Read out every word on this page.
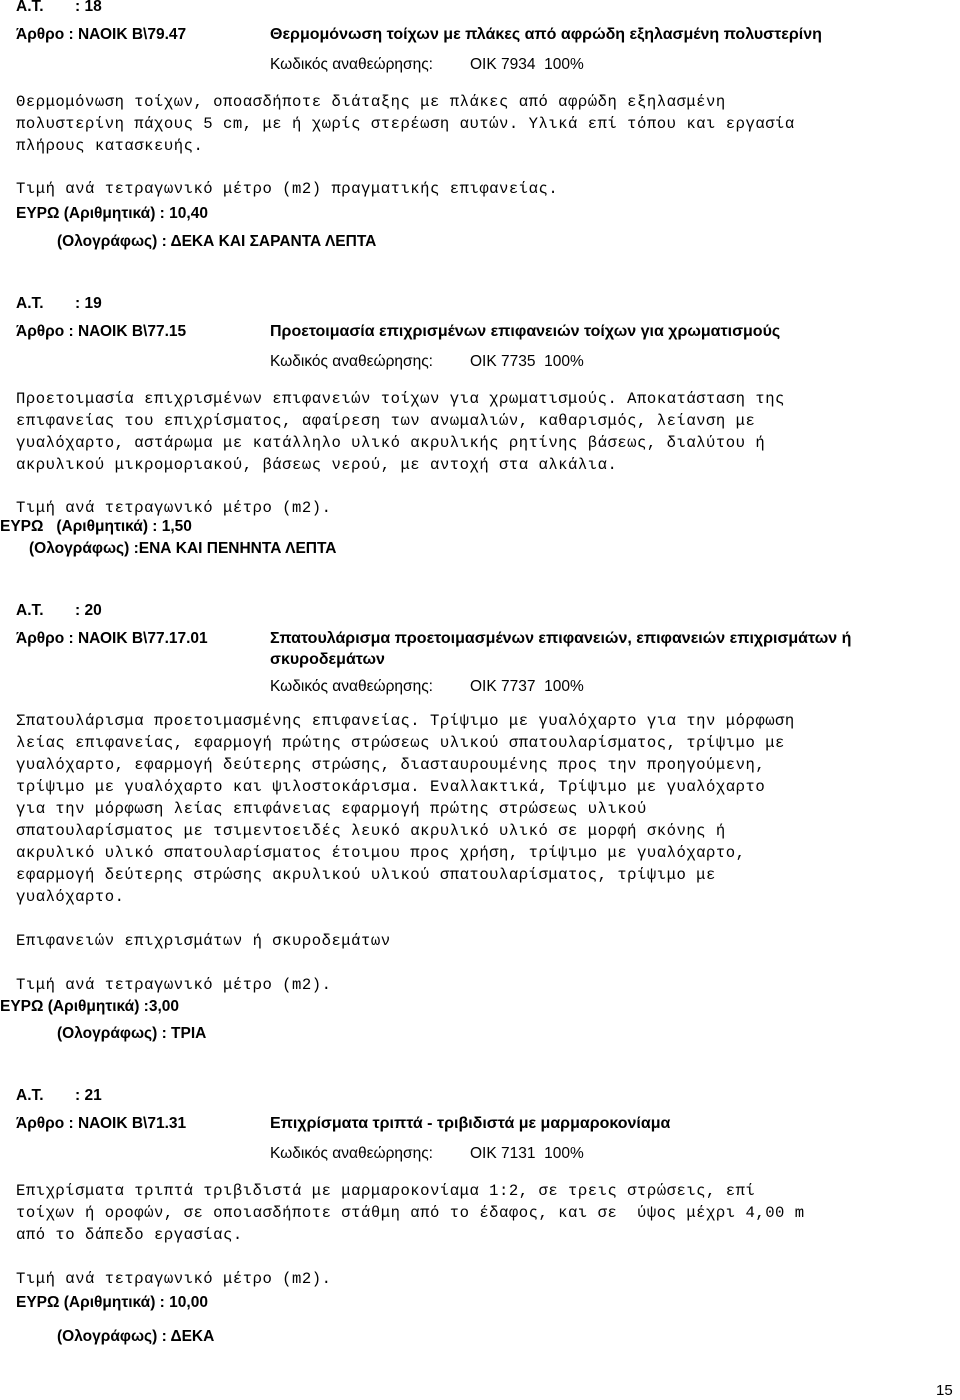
Α.Τ. : 18
Άρθρο : ΝΑΟΙΚ Β\79.47	Θερμομόνωση τοίχων με πλάκες από αφρώδη εξηλασμένη πολυστερίνη
Κωδικός αναθεώρησης: ΟΙΚ 7934  100%
Θερμομόνωση τοίχων, οποασδήποτε διάταξης με πλάκες από αφρώδη εξηλασμένη
πολυστερίνη πάχους 5 cm, με ή χωρίς στερέωση αυτών. Υλικά επί τόπου και εργασία
πλήρους κατασκευής.
Τιμή ανά τετραγωνικό μέτρο (m2) πραγματικής επιφανείας.
ΕΥΡΩ (Αριθμητικά) : 10,40
(Ολογράφως) : ΔΕΚΑ ΚΑΙ ΣΑΡΑΝΤΑ ΛΕΠΤΑ
Α.Τ. : 19
Άρθρο : ΝΑΟΙΚ Β\77.15	Προετοιμασία επιχρισμένων επιφανειών τοίχων για χρωματισμούς
Κωδικός αναθεώρησης: ΟΙΚ 7735  100%
Προετοιμασία επιχρισμένων επιφανειών τοίχων για χρωματισμούς. Αποκατάσταση της
επιφανείας του επιχρίσματος, αφαίρεση των ανωμαλιών, καθαρισμός, λείανση με
γυαλόχαρτο, αστάρωμα με κατάλληλο υλικό ακρυλικής ρητίνης βάσεως, διαλύτου ή
ακρυλικού μικρομοριακού, βάσεως νερού, με αντοχή στα αλκάλια.
Τιμή ανά τετραγωνικό μέτρο (m2).
ΕΥΡΩ   (Αριθμητικά) : 1,50
(Ολογράφως) :ΕΝΑ ΚΑΙ ΠΕΝΗΝΤΑ ΛΕΠΤΑ
Α.Τ. : 20
Άρθρο : ΝΑΟΙΚ Β\77.17.01	Σπατουλάρισμα προετοιμασμένων επιφανειών, επιφανειών επιχρισμάτων ή
σκυροδεμάτων
Κωδικός αναθεώρησης: ΟΙΚ 7737  100%
Σπατουλάρισμα προετοιμασμένης επιφανείας. Τρίψιμο με γυαλόχαρτο για την μόρφωση
λείας επιφανείας, εφαρμογή πρώτης στρώσεως υλικού σπατουλαρίσματος, τρίψιμο με
γυαλόχαρτο, εφαρμογή δεύτερης στρώσης, διασταυρουμένης προς την προηγούμενη,
τρίψιμο με γυαλόχαρτο και ψιλοστοκάρισμα. Εναλλακτικά, Τρίψιμο με γυαλόχαρτο
για την μόρφωση λείας επιφάνειας εφαρμογή πρώτης στρώσεως υλικού
σπατουλαρίσματος με τσιμεντοειδές λευκό ακρυλικό υλικό σε μορφή σκόνης ή
ακρυλικό υλικό σπατουλαρίσματος έτοιμου προς χρήση, τρίψιμο με γυαλόχαρτο,
εφαρμογή δεύτερης στρώσης ακρυλικού υλικού σπατουλαρίσματος, τρίψιμο με
γυαλόχαρτο.
Επιφανειών επιχρισμάτων ή σκυροδεμάτων
Τιμή ανά τετραγωνικό μέτρο (m2).
ΕΥΡΩ (Αριθμητικά) :3,00
(Ολογράφως) : ΤΡΙΑ
Α.Τ. : 21
Άρθρο : ΝΑΟΙΚ Β\71.31	Επιχρίσματα τριπτά - τριβιδιστά με μαρμαροκονίαμα
Κωδικός αναθεώρησης: ΟΙΚ 7131  100%
Επιχρίσματα τριπτά τριβιδιστά με μαρμαροκονίαμα 1:2, σε τρεις στρώσεις, επί
τοίχων ή οροφών, σε οποιασδήποτε στάθμη από το έδαφος, και σε  ύψος μέχρι 4,00 m
από το δάπεδο εργασίας.
Τιμή ανά τετραγωνικό μέτρο (m2).
ΕΥΡΩ (Αριθμητικά) : 10,00
(Ολογράφως) : ΔΕΚΑ
15
